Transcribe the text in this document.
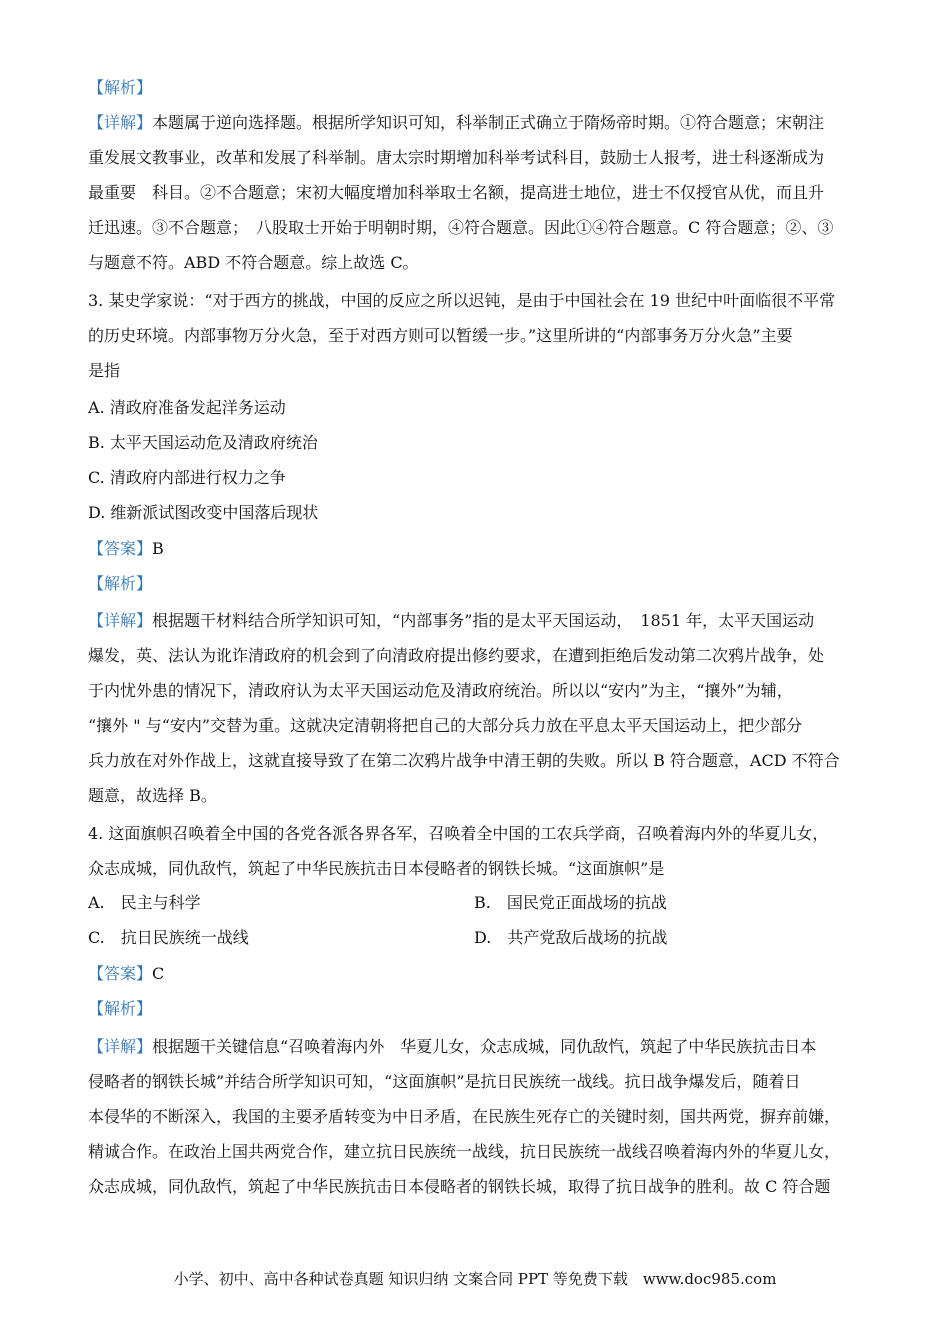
【解析】
【详解】本题属于逆向选择题。根据所学知识可知，科举制正式确立于隋炀帝时期。①符合题意；宋朝注
重发展文教事业，改革和发展了科举制。唐太宗时期增加科举考试科目，鼓励士人报考，进士科逐渐成为
最重要　科目。②不合题意；宋初大幅度增加科举取士名额，提高进士地位，进士不仅授官从优，而且升
迁迅速。③不合题意；　八股取士开始于明朝时期，④符合题意。因此①④符合题意。C 符合题意；②、③
与题意不符。ABD 不符合题意。综上故选 C。
3. 某史学家说：“对于西方的挑战，中国的反应之所以迟钝，是由于中国社会在 19 世纪中叶面临很不平常
的历史环境。内部事物万分火急，至于对西方则可以暂缓一步。”这里所讲的“内部事务万分火急”主要
是指
A. 清政府准备发起洋务运动
B. 太平天国运动危及清政府统治
C. 清政府内部进行权力之争
D. 维新派试图改变中国落后现状
【答案】B
【解析】
【详解】根据题干材料结合所学知识可知，“内部事务”指的是太平天国运动，　1851 年，太平天国运动
爆发，英、法认为讹诈清政府的机会到了向清政府提出修约要求，在遭到拒绝后发动第二次鸦片战争，处
于内忧外患的情况下，清政府认为太平天国运动危及清政府统治。所以以“安内”为主，“攘外”为辅，
“攘外 " 与“安内”交替为重。这就决定清朝将把自己的大部分兵力放在平息太平天国运动上，把少部分
兵力放在对外作战上，这就直接导致了在第二次鸦片战争中清王朝的失败。所以 B 符合题意，ACD 不符合
题意，故选择 B。
4. 这面旗帜召唤着全中国的各党各派各界各军，召唤着全中国的工农兵学商，召唤着海内外的华夏儿女，
众志成城，同仇敌忾，筑起了中华民族抗击日本侵略者的钢铁长城。“这面旗帜”是
A.　民主与科学	B.　国民党正面战场的抗战
C.　抗日民族统一战线	D.　共产党敌后战场的抗战
【答案】C
【解析】
【详解】根据题干关键信息“召唤着海内外　华夏儿女，众志成城，同仇敌忾，筑起了中华民族抗击日本
侵略者的钢铁长城”并结合所学知识可知，“这面旗帜”是抗日民族统一战线。抗日战争爆发后，随着日
本侵华的不断深入，我国的主要矛盾转变为中日矛盾，在民族生死存亡的关键时刻，国共两党，摒弃前嫌，
精诚合作。在政治上国共两党合作，建立抗日民族统一战线，抗日民族统一战线召唤着海内外的华夏儿女，
众志成城，同仇敌忾，筑起了中华民族抗击日本侵略者的钢铁长城，取得了抗日战争的胜利。故 C 符合题
小学、初中、高中各种试卷真题 知识归纳 文案合同 PPT 等免费下载　www.doc985.com
